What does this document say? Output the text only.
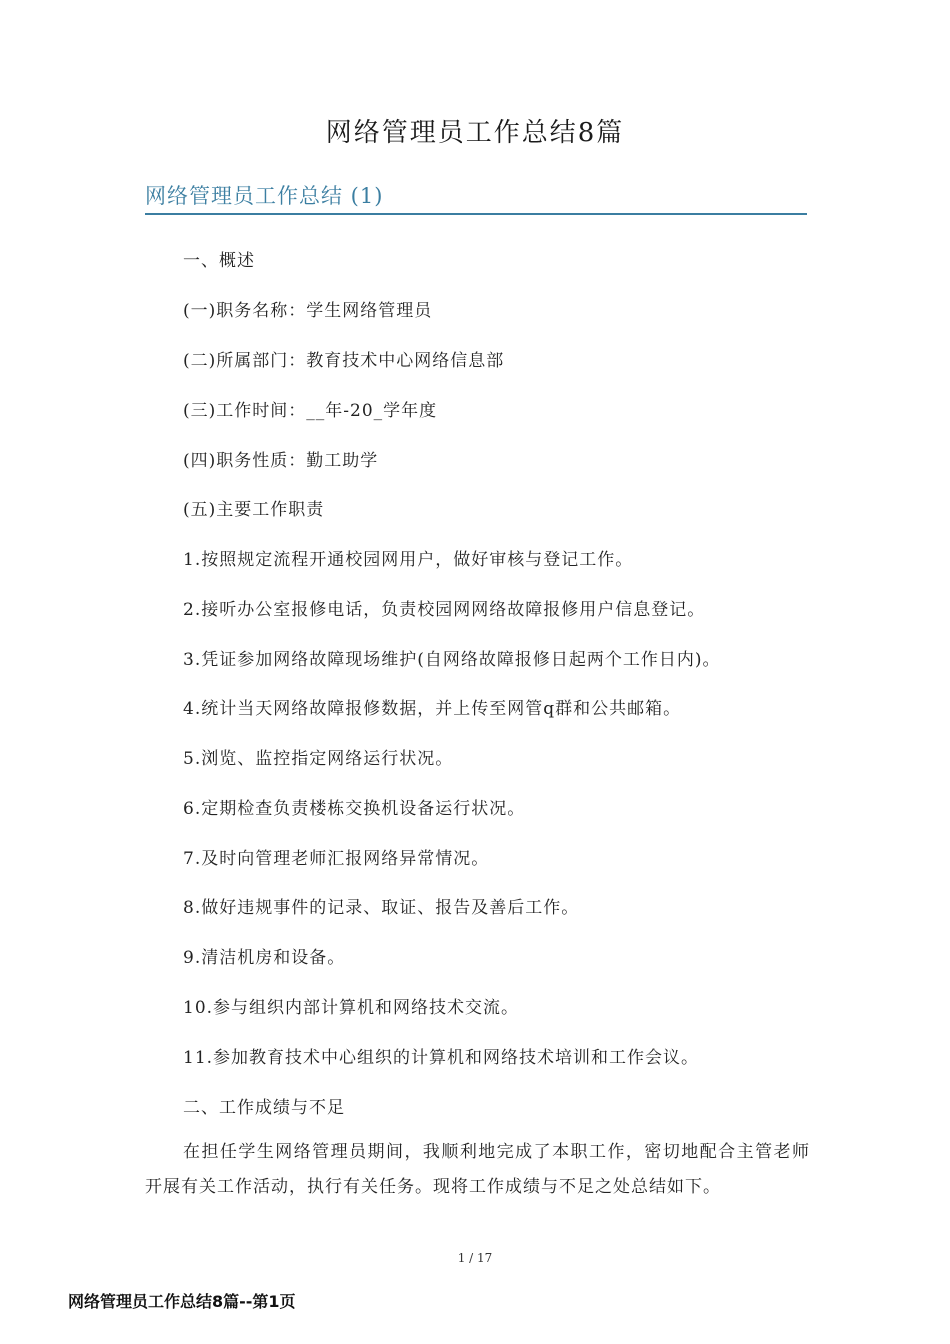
网络管理员工作总结8篇
网络管理员工作总结 (1)
一、概述
(一)职务名称：学生网络管理员
(二)所属部门：教育技术中心网络信息部
(三)工作时间：__年-20_学年度
(四)职务性质：勤工助学
(五)主要工作职责
1.按照规定流程开通校园网用户，做好审核与登记工作。
2.接听办公室报修电话，负责校园网网络故障报修用户信息登记。
3.凭证参加网络故障现场维护(自网络故障报修日起两个工作日内)。
4.统计当天网络故障报修数据，并上传至网管q群和公共邮箱。
5.浏览、监控指定网络运行状况。
6.定期检查负责楼栋交换机设备运行状况。
7.及时向管理老师汇报网络异常情况。
8.做好违规事件的记录、取证、报告及善后工作。
9.清洁机房和设备。
10.参与组织内部计算机和网络技术交流。
11.参加教育技术中心组织的计算机和网络技术培训和工作会议。
二、工作成绩与不足
在担任学生网络管理员期间，我顺利地完成了本职工作，密切地配合主管老师开展有关工作活动，执行有关任务。现将工作成绩与不足之处总结如下。
1 / 17
网络管理员工作总结8篇--第1页
